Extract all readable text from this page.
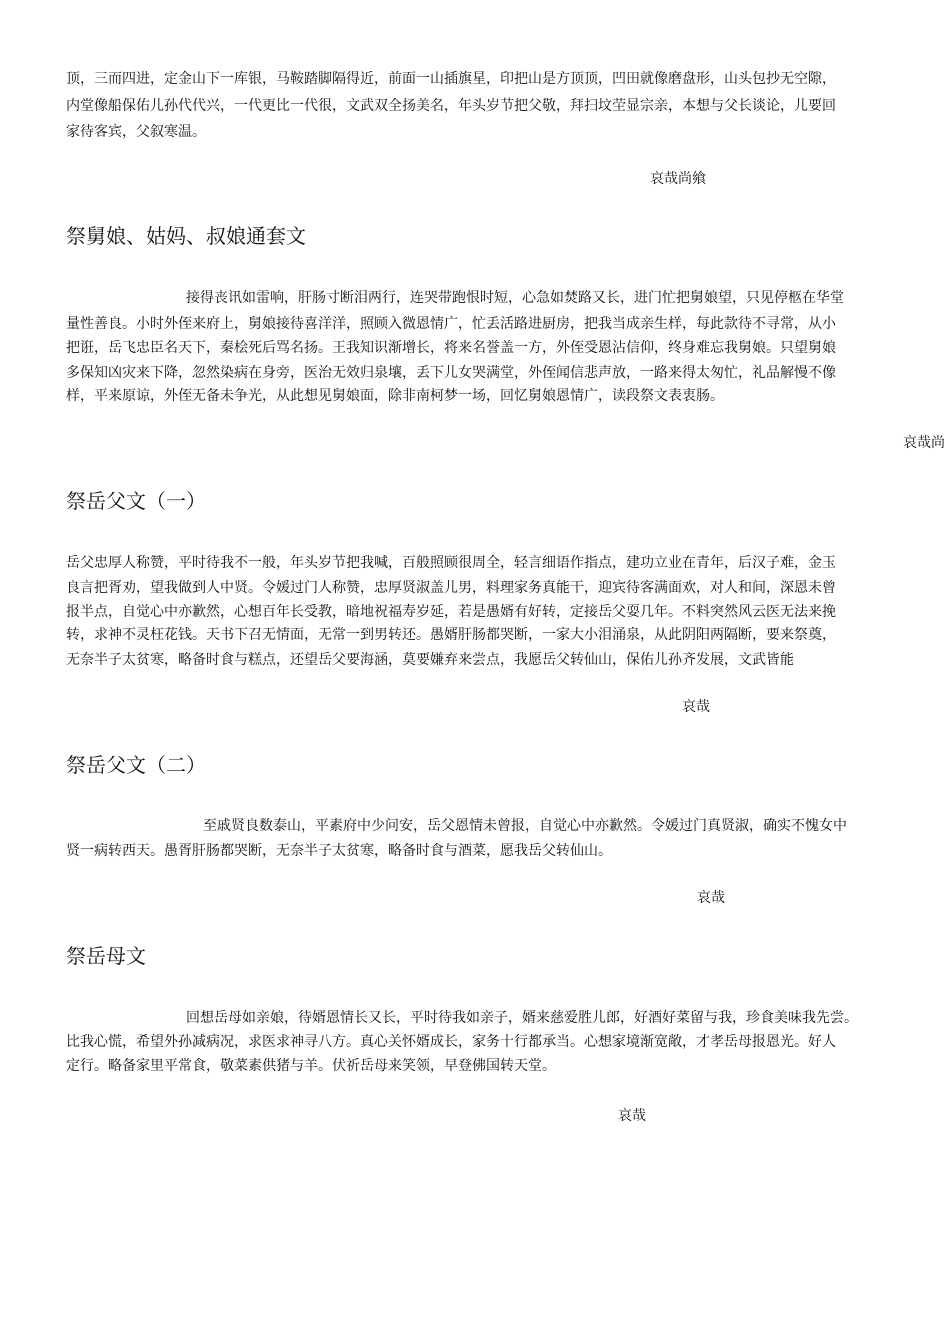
顶，三而四进，定金山下一库银，马鞍踏脚隔得近，前面一山插旗星，印把山是方顶顶，凹田就像磨盘形，山头包抄无空隙，
内堂像船保佑儿孙代代兴，一代更比一代很，文武双全扬美名，年头岁节把父敬，拜扫坟茔显宗亲，本想与父长谈论，儿要回
家待客宾，父叙寒温。
哀哉尚飨
祭舅娘、姑妈、叔娘通套文
接得丧讯如雷响，肝肠寸断泪两行，连哭带跑恨时短，心急如焚路又长，进门忙把舅娘望，只见停柩在华堂
量性善良。小时外侄来府上，舅娘接待喜洋洋，照顾入微恩情广，忙丢活路进厨房，把我当成亲生样，每此款待不寻常，从小
把诳，岳飞忠臣名天下，秦桧死后骂名扬。王我知识渐增长，将来名誉盖一方，外侄受恩沾信仰，终身难忘我舅娘。只望舅娘
多保知凶灾来下降，忽然染病在身旁，医治无效归泉壤，丢下儿女哭满堂，外侄闻信悲声放，一路来得太匆忙，礼品解慢不像
样，平来原谅，外侄无备未争光，从此想见舅娘面，除非南柯梦一场，回忆舅娘恩情广，读段祭文表衷肠。
哀哉尚
祭岳父文（一）
岳父忠厚人称赞，平时待我不一般，年头岁节把我喊，百般照顾很周全，轻言细语作指点，建功立业在青年，后汉子难，金玉
良言把胥劝，望我做到人中贤。令媛过门人称赞，忠厚贤淑盖儿男，料理家务真能干，迎宾待客满面欢，对人和间，深恩未曾
报半点，自觉心中亦歉然，心想百年长受教，暗地祝福寿岁延，若是愚婿有好转，定接岳父耍几年。不料突然风云医无法来挽
转，求神不灵枉花钱。天书下召无情面，无常一到男转还。愚婿肝肠都哭断，一家大小泪涌泉，从此阴阳两隔断，要来祭奠，
无奈半子太贫寒，略备时食与糕点，还望岳父要海涵，莫要嫌弃来尝点，我愿岳父转仙山，保佑儿孙齐发展，文武皆能
哀哉
祭岳父文（二）
至戚贤良数泰山，平素府中少问安，岳父恩情未曾报，自觉心中亦歉然。令媛过门真贤淑，确实不愧女中
贤一病转西天。愚胥肝肠都哭断，无奈半子太贫寒，略备时食与酒菜，愿我岳父转仙山。
哀哉
祭岳母文
回想岳母如亲娘，待婿恩情长又长，平时待我如亲子，婿来慈爱胜儿郎，好酒好菜留与我，珍食美味我先尝。
比我心慌，希望外孙减病况，求医求神寻八方。真心关怀婿成长，家务十行都承当。心想家境渐宽敞，才孝岳母报恩光。好人
定行。略备家里平常食，敬菜素供猪与羊。伏祈岳母来笑领，早登佛国转天堂。
哀哉
